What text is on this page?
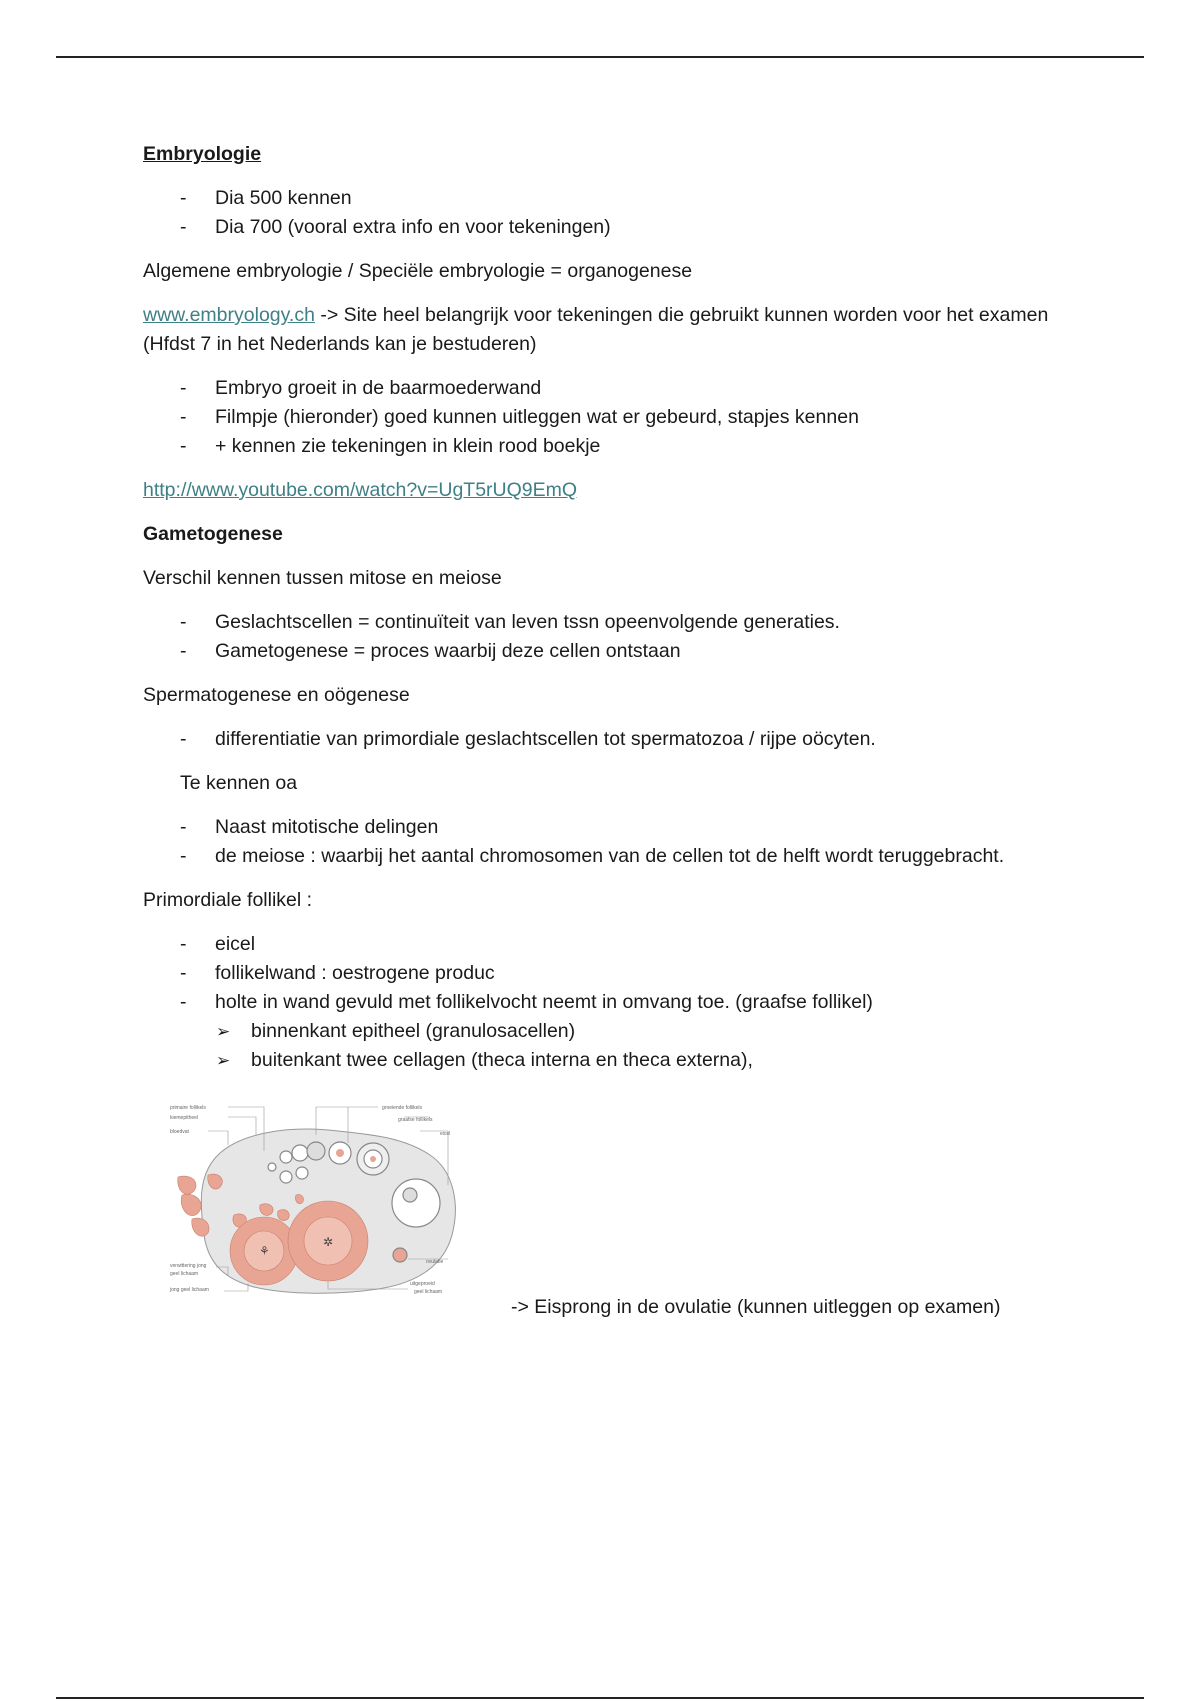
Embryologie
- Dia 500 kennen
- Dia 700 (vooral extra info en voor tekeningen)

Algemene embryologie / Speciële embryologie = organogenese

www.embryology.ch -> Site heel belangrijk voor tekeningen die gebruikt kunnen worden voor het examen (Hfdst 7 in het Nederlands kan je bestuderen)

- Embryo groeit in de baarmoederwand
- Filmpje (hieronder) goed kunnen uitleggen wat er gebeurd, stapjes kennen
- + kennen zie tekeningen in klein rood boekje

http://www.youtube.com/watch?v=UgT5rUQ9EmQ

Gametogenese

Verschil kennen tussen mitose en meiose

- Geslachtscellen = continuïteit van leven tssn opeenvolgende generaties.
- Gametogenese = proces waarbij deze cellen ontstaan

Spermatogenese en oögenese

- differentiatie van primordiale geslachtscellen tot spermatozoa / rijpe oöcyten.

Te kennen oa

- Naast mitotische delingen
- de meiose : waarbij het aantal chromosomen van de cellen tot de helft wordt teruggebracht.

Primordiale follikel :

- eicel
- follikelwand : oestrogene produc
- holte in wand gevuld met follikelvocht neemt in omvang toe. (graafse follikel)
➢ binnenkant epitheel (granulosacellen)
➢ buitenkant twee cellagen (theca interna en theca externa),
⚘
✲
primaire follikels
kiemepitheel
bloedvat
verwittering jong
geel lichaam
jong geel lichaam
groeiende follikels
graafse follikels
eicel
ovulatie
uitgeproeid
geel lichaam
-> Eisprong in de ovulatie (kunnen uitleggen op examen)
